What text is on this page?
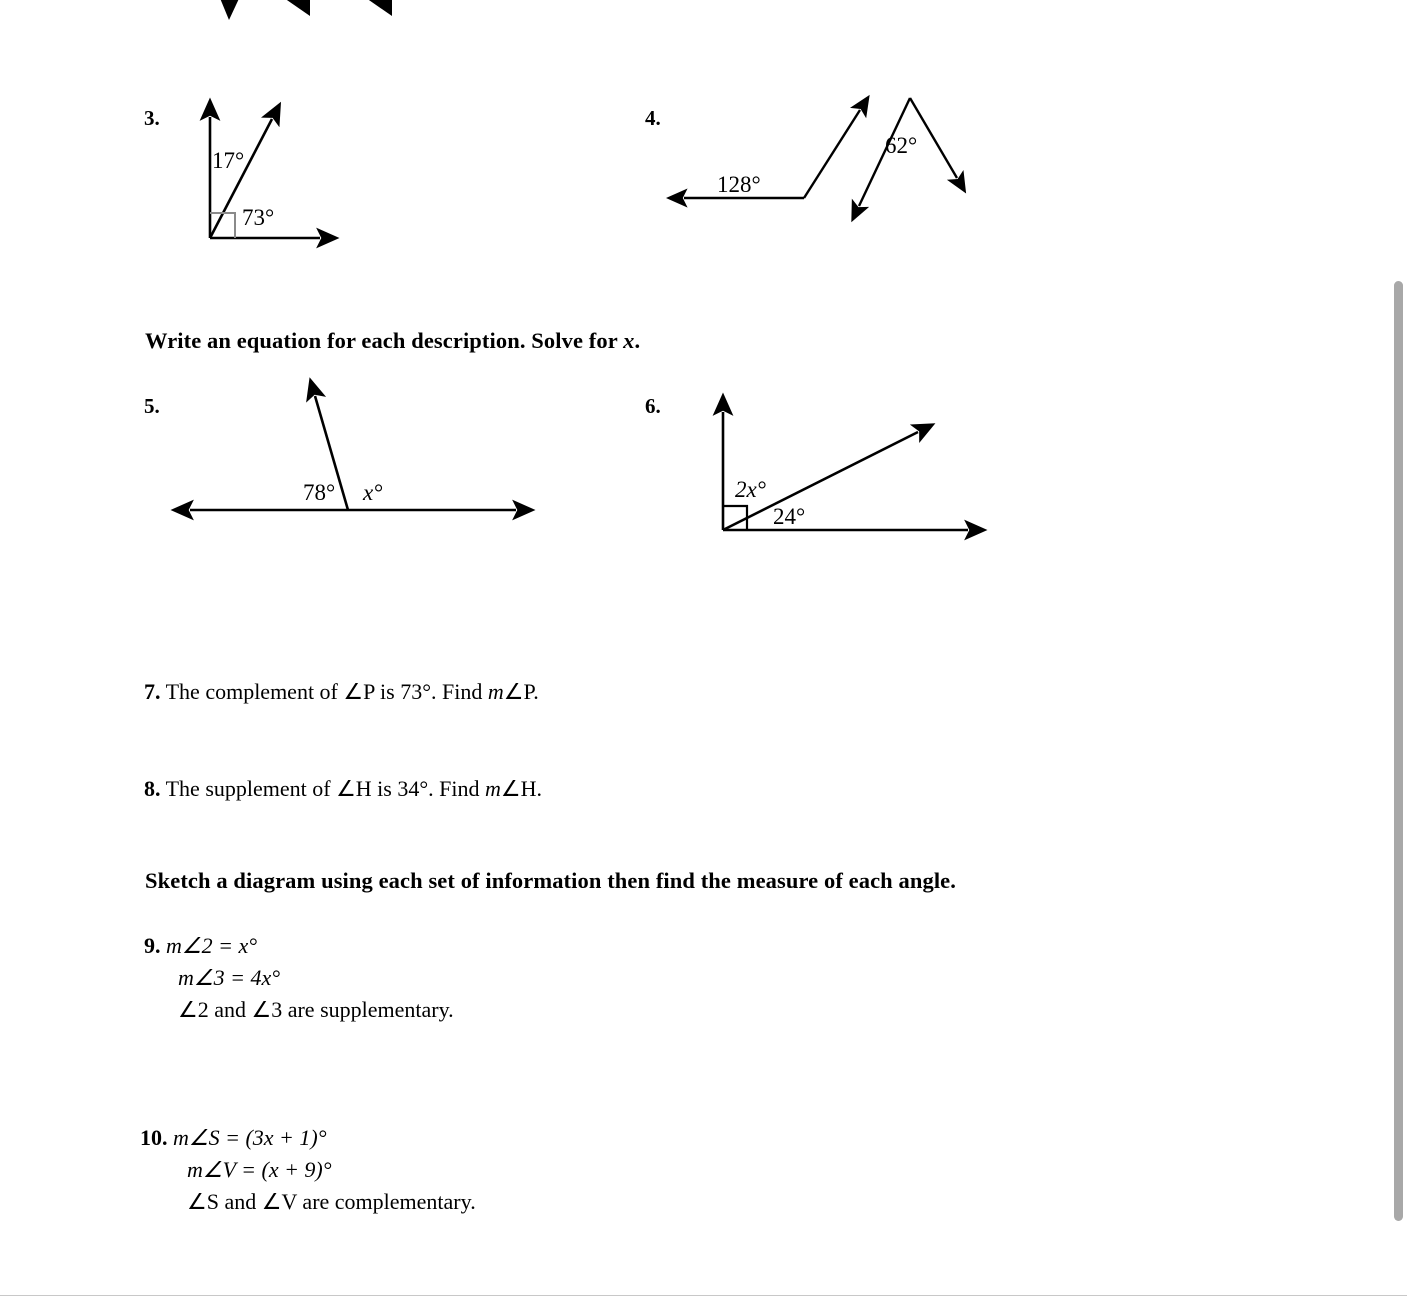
3.
17°
73°
4.
128°
62°
Write an equation for each description. Solve for x.
5.
78° x°
6.
2x°
24°
7. The complement of ∠P is 73°. Find m∠P.
8. The supplement of ∠H is 34°. Find m∠H.
Sketch a diagram using each set of information then find the measure of each angle.
9. m∠2 = x°
m∠3 = 4x°
∠2 and ∠3 are supplementary.
10. m∠S = (3x + 1)°
m∠V = (x + 9)°
∠S and ∠V are complementary.
